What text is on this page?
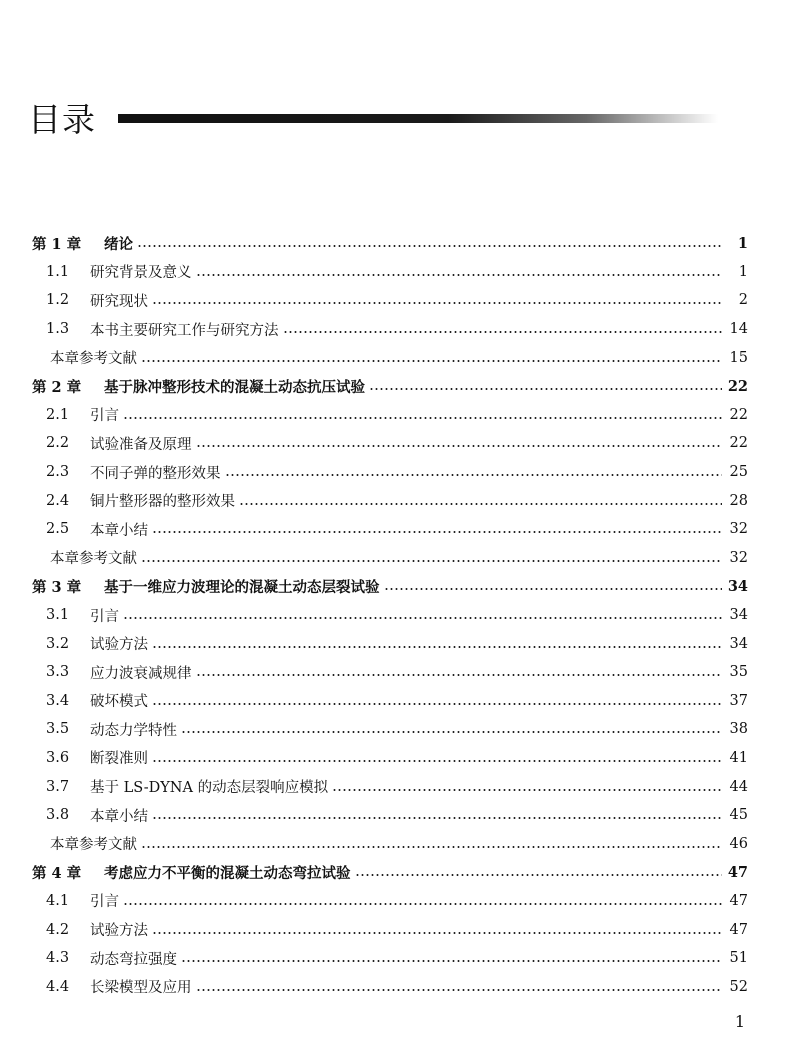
目录
第 1 章	绪论	1
1.1	研究背景及意义	1
1.2	研究现状	2
1.3	本书主要研究工作与研究方法	14
本章参考文献	15
第 2 章	基于脉冲整形技术的混凝土动态抗压试验	22
2.1	引言	22
2.2	试验准备及原理	22
2.3	不同子弹的整形效果	25
2.4	铜片整形器的整形效果	28
2.5	本章小结	32
本章参考文献	32
第 3 章	基于一维应力波理论的混凝土动态层裂试验	34
3.1	引言	34
3.2	试验方法	34
3.3	应力波衰减规律	35
3.4	破坏模式	37
3.5	动态力学特性	38
3.6	断裂准则	41
3.7	基于 LS-DYNA 的动态层裂响应模拟	44
3.8	本章小结	45
本章参考文献	46
第 4 章	考虑应力不平衡的混凝土动态弯拉试验	47
4.1	引言	47
4.2	试验方法	47
4.3	动态弯拉强度	51
4.4	长梁模型及应用	52
1
